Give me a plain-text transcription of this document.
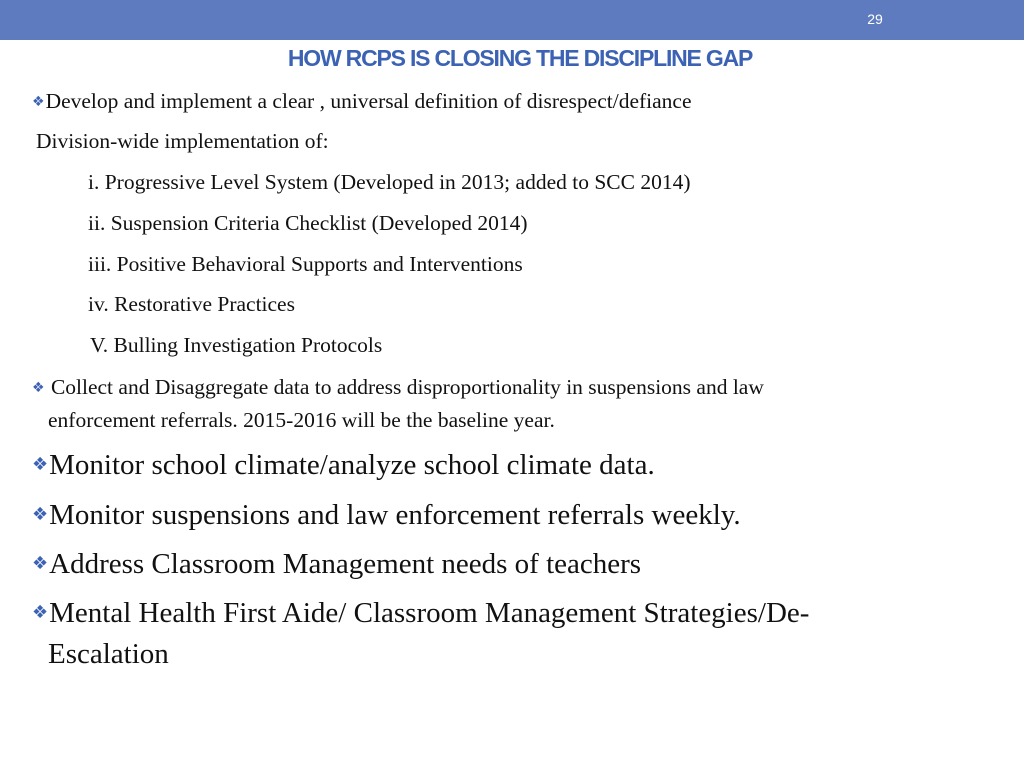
29
HOW RCPS IS CLOSING THE DISCIPLINE GAP
❖Develop and implement a clear , universal definition of disrespect/defiance
Division-wide implementation of:
i. Progressive Level System (Developed in 2013; added to SCC 2014)
ii. Suspension Criteria Checklist (Developed 2014)
iii. Positive Behavioral Supports and Interventions
iv. Restorative Practices
V. Bulling Investigation Protocols
❖ Collect and Disaggregate data to address disproportionality in suspensions and law
enforcement referrals. 2015-2016 will be the baseline year.
❖Monitor school climate/analyze school climate data.
❖Monitor suspensions and law enforcement referrals weekly.
❖Address Classroom Management needs of teachers
❖Mental Health First Aide/ Classroom Management Strategies/De-
Escalation
